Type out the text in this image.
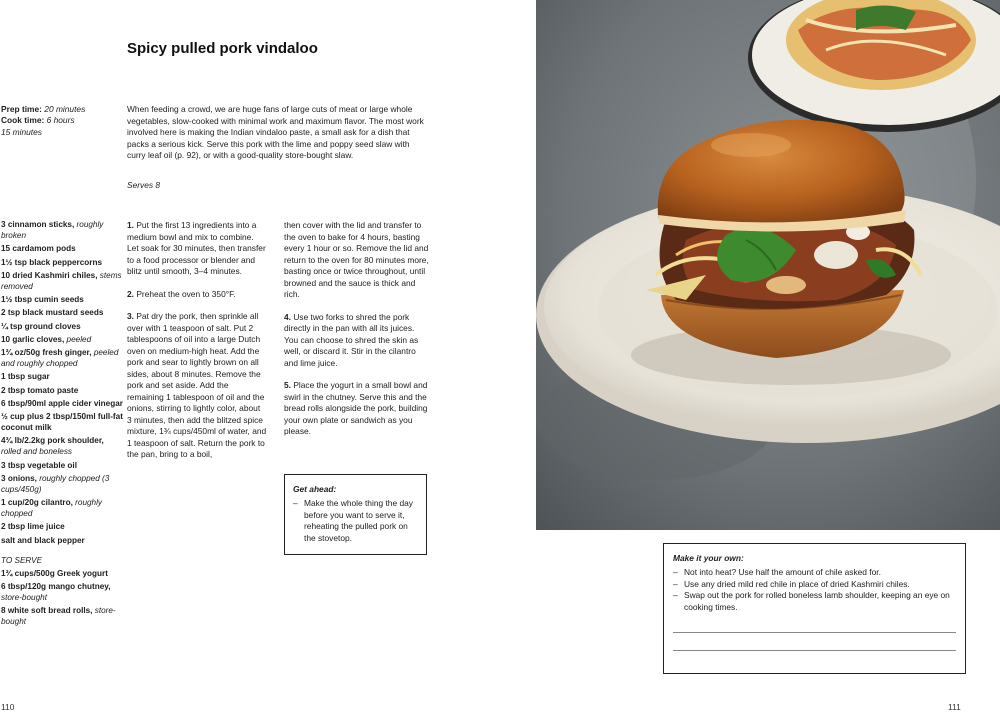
Spicy pulled pork vindaloo
Prep time: 20 minutes
Cook time: 6 hours
15 minutes

When feeding a crowd, we are huge fans of large cuts of meat or large whole vegetables, slow-cooked with minimal work and maximum flavor. The most work involved here is making the Indian vindaloo paste, a small ask for a dish that packs a serious kick. Serve this pork with the lime and poppy seed slaw with curry leaf oil (p. 92), or with a good-quality store-bought slaw.

Serves 8
3 cinnamon sticks, roughly broken
15 cardamom pods
1½ tsp black peppercorns
10 dried Kashmiri chiles, stems removed
1½ tbsp cumin seeds
2 tsp black mustard seeds
¼ tsp ground cloves
10 garlic cloves, peeled
1¾ oz/50g fresh ginger, peeled and roughly chopped
1 tbsp sugar
2 tbsp tomato paste
6 tbsp/90ml apple cider vinegar
½ cup plus 2 tbsp/150ml full-fat coconut milk
4¾ lb/2.2kg pork shoulder, rolled and boneless
3 tbsp vegetable oil
3 onions, roughly chopped (3 cups/450g)
1 cup/20g cilantro, roughly chopped
2 tbsp lime juice
salt and black pepper
TO SERVE
1¾ cups/500g Greek yogurt
6 tbsp/120g mango chutney, store-bought
8 white soft bread rolls, store-bought

1. Put the first 13 ingredients into a medium bowl and mix to combine. Let soak for 30 minutes, then transfer to a food processor or blender and blitz until smooth, 3–4 minutes.

2. Preheat the oven to 350°F.

3. Pat dry the pork, then sprinkle all over with 1 teaspoon of salt. Put 2 tablespoons of oil into a large Dutch oven on medium-high heat. Add the pork and sear to lightly brown on all sides, about 8 minutes. Remove the pork and set aside. Add the remaining 1 tablespoon of oil and the onions, stirring to lightly color, about 3 minutes, then add the blitzed spice mixture, 1¾ cups/450ml of water, and 1 teaspoon of salt. Return the pork to the pan, bring to a boil,

then cover with the lid and transfer to the oven to bake for 4 hours, basting every 1 hour or so. Remove the lid and return to the oven for 80 minutes more, basting once or twice throughout, until browned and the sauce is thick and rich.

4. Use two forks to shred the pork directly in the pan with all its juices. You can choose to shred the skin as well, or discard it. Stir in the cilantro and lime juice.

5. Place the yogurt in a small bowl and swirl in the chutney. Serve this and the bread rolls alongside the pork, building your own plate or sandwich as you please.

Get ahead:
– Make the whole thing the day before you want to serve it, reheating the pulled pork on the stovetop.
110	111
Make it your own:
– Not into heat? Use half the amount of chile asked for.
– Use any dried mild red chile in place of dried Kashmiri chiles.
– Swap out the pork for rolled boneless lamb shoulder, keeping an eye on cooking times.
